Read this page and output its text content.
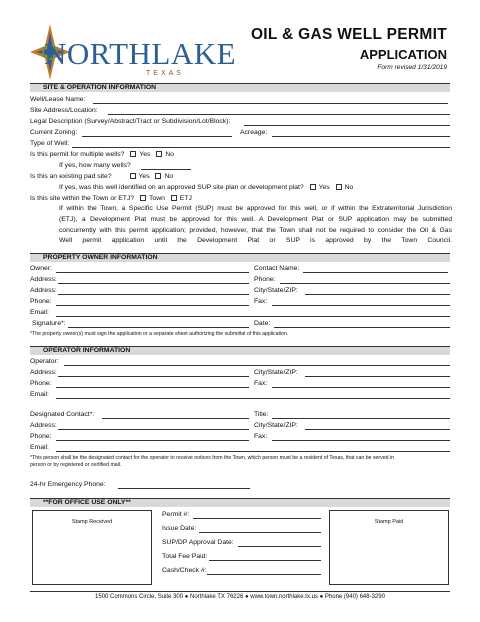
NORTHLAKE
TEXAS
OIL & GAS WELL PERMIT
APPLICATION
Form revised 1/31/2019
SITE & OPERATION INFORMATION
Well/Lease Name:
Site Address/Location:
Legal Description (Survey/Abstract/Tract or Subdivision/Lot/Block):
Current Zoning:	Acreage:
Type of Well:
Is this permit for multiple wells? Yes No
If yes, how many wells?
Is this an existing pad site?	Yes No
If yes, was this well identified on an approved SUP site plan or development plat? Yes No
Is this site within the Town or ETJ? Town ETJ
If within the Town, a Specific Use Permit (SUP) must be approved for this well, or if within the Extraterritorial Jurisdiction
(ETJ), a Development Plat must be approved for this well. A Development Plat or SUP application may be submitted
concurrently with this permit application; provided, however, that the Town shall not be required to consider the Oil & Gas
Well permit application until the Development Plat or SUP is approved by the Town Council.
PROPERTY OWNER INFORMATION
Owner:	Contact Name:
Address:	Phone:
Address:	City/State/ZIP:
Phone:	Fax:
Email:
Signature*:	Date:
*The property owner(s) must sign the application or a separate sheet authorizing the submittal of this application.
OPERATOR INFORMATION
Operator:
Address:	City/State/ZIP:
Phone:	Fax:
Email:
Designated Contact*:	Title:
Address:	City/State/ZIP:
Phone:	Fax:
Email:
*This person shall be the designated contact for the operator to receive notices from the Town, which person must be a resident of Texas, that can be served in
person or by registered or certified mail.
24-hr Emergency Phone:
**FOR OFFICE USE ONLY**
Stamp Received	Stamp Paid
Permit #:
Issue Date:
SUP/DP Approval Date:
Total Fee Paid:
Cash/Check #:
1500 Commons Circle, Suite 300 ● Northlake TX 76226 ● www.town.northlake.tx.us ● Phone (940) 648-3290
